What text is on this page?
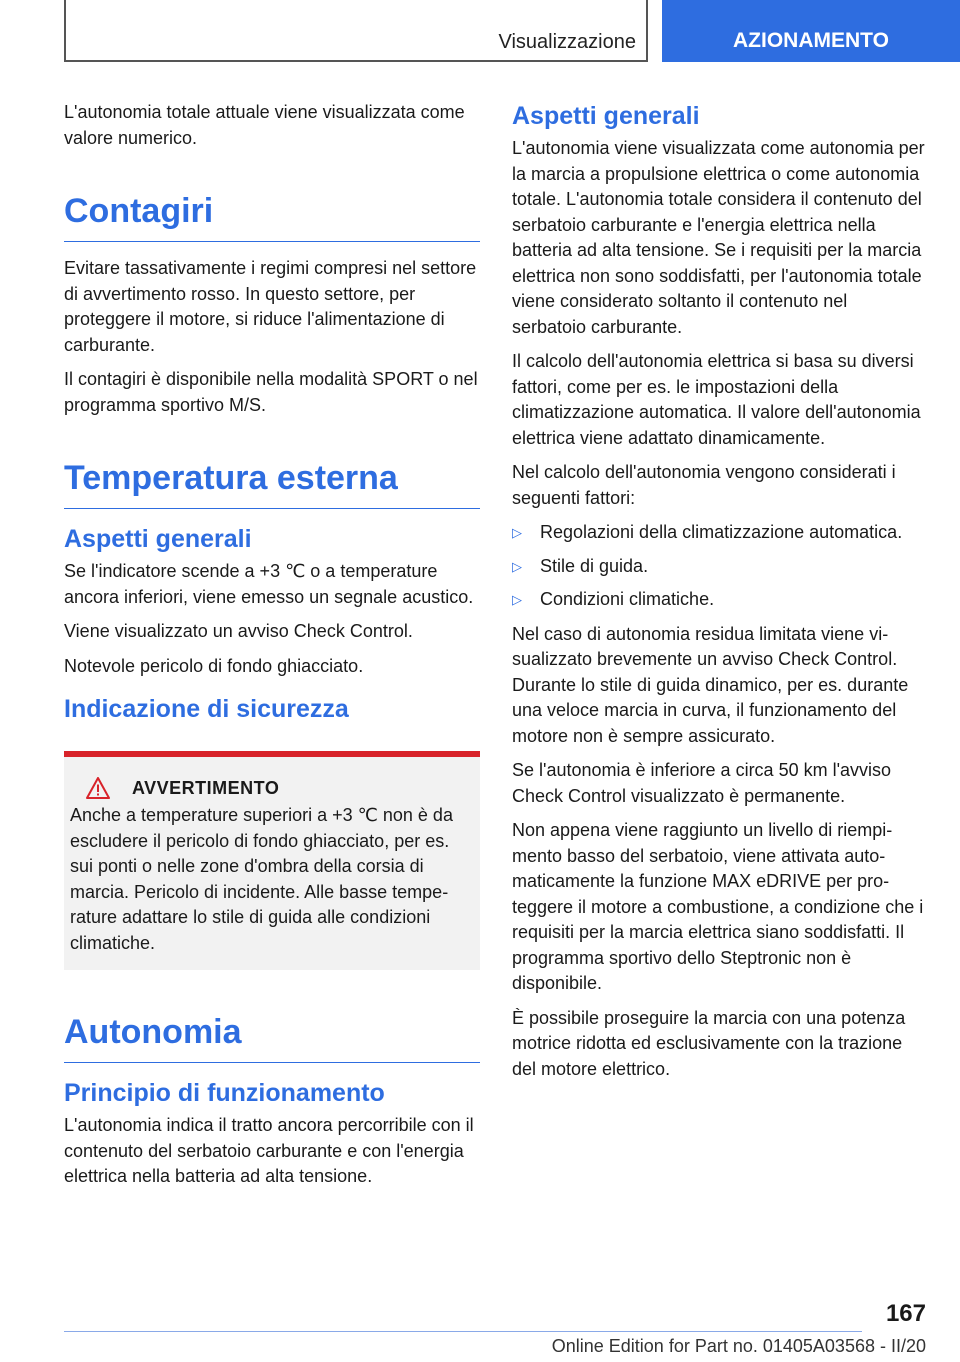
Visualizzazione	AZIONAMENTO

L'autonomia totale attuale viene visualizzata come valore numerico.

Contagiri

Evitare tassativamente i regimi compresi nel settore di avvertimento rosso. In questo settore, per proteggere il motore, si riduce l'alimentazione di carburante.

Il contagiri è disponibile nella modalità SPORT o nel programma sportivo M/S.

Temperatura esterna
Aspetti generali

Se l'indicatore scende a +3 ℃ o a temperature ancora inferiori, viene emesso un segnale acustico.

Viene visualizzato un avviso Check Control.

Notevole pericolo di fondo ghiacciato.

Indicazione di sicurezza
AVVERTIMENTO

Anche a temperature superiori a +3 ℃ non è da escludere il pericolo di fondo ghiacciato, per es. sui ponti o nelle zone d'ombra della corsia di marcia. Pericolo di incidente. Alle basse temperature adattare lo stile di guida alle condizioni climatiche.

Autonomia
Principio di funzionamento

L'autonomia indica il tratto ancora percorribile con il contenuto del serbatoio carburante e con l'energia elettrica nella batteria ad alta tensione.

Aspetti generali

L'autonomia viene visualizzata come autonomia per la marcia a propulsione elettrica o come autonomia totale. L'autonomia totale considera il contenuto del serbatoio carburante e l'energia elettrica nella batteria ad alta tensione. Se i requisiti per la marcia elettrica non sono soddisfatti, per l'autonomia totale viene considerato soltanto il contenuto nel serbatoio carburante.

Il calcolo dell'autonomia elettrica si basa su diversi fattori, come per es. le impostazioni della climatizzazione automatica. Il valore dell'autonomia elettrica viene adattato dinamicamente.

Nel calcolo dell'autonomia vengono considerati i seguenti fattori:

▷	Regolazioni della climatizzazione automatica.
▷	Stile di guida.
▷	Condizioni climatiche.

Nel caso di autonomia residua limitata viene visualizzato brevemente un avviso Check Control. Durante lo stile di guida dinamico, per es. durante una veloce marcia in curva, il funzionamento del motore non è sempre assicurato.

Se l'autonomia è inferiore a circa 50 km l'avviso Check Control visualizzato è permanente.

Non appena viene raggiunto un livello di riempimento basso del serbatoio, viene attivata automaticamente la funzione MAX eDRIVE per proteggere il motore a combustione, a condizione che i requisiti per la marcia elettrica siano soddisfatti. Il programma sportivo dello Steptronic non è disponibile.

È possibile proseguire la marcia con una potenza motrice ridotta ed esclusivamente con la trazione del motore elettrico.

167
Online Edition for Part no. 01405A03568 - II/20
